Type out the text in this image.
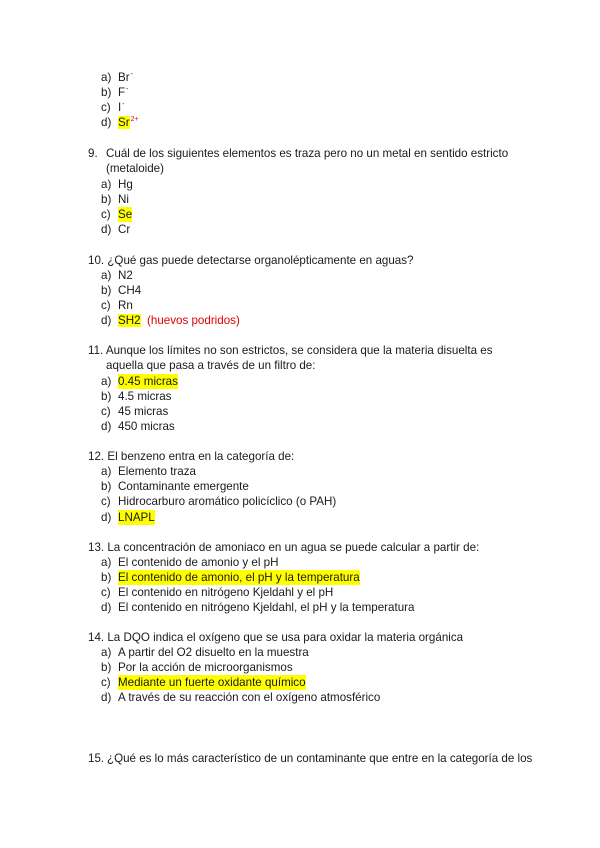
a) Br-
b) F-
c) I-
d) $Sr^{2+}$
9. Cuál de los siguientes elementos es traza pero no un metal en sentido estricto
(metaloide)
a) Hg
b) Ni
c) Se
d) Cr
10. ¿Qué gas puede detectarse organolépticamente en aguas?
a) N2
b) CH4
c) Rn
d) SH2 (huevos podridos)
11. Aunque los límites no son estrictos, se considera que la materia disuelta es
aquella que pasa a través de un filtro de:
a) 0.45 micras
b) 4.5 micras
c) 45 micras
d) 450 micras
12. El benzeno entra en la categoría de:
a) Elemento traza
b) Contaminante emergente
c) Hidrocarburo aromático policíclico (o PAH)
d) LNAPL
13. La concentración de amoniaco en un agua se puede calcular a partir de:
a) El contenido de amonio y el pH
b) El contenido de amonio, el pH y la temperatura
c) El contenido en nitrógeno Kjeldahl y el pH
d) El contenido en nitrógeno Kjeldahl, el pH y la temperatura
14. La DQO indica el oxígeno que se usa para oxidar la materia orgánica
a) A partir del O2 disuelto en la muestra
b) Por la acción de microorganismos
c) Mediante un fuerte oxidante químico
d) A través de su reacción con el oxígeno atmosférico
15. ¿Qué es lo más característico de un contaminante que entre en la categoría de los
